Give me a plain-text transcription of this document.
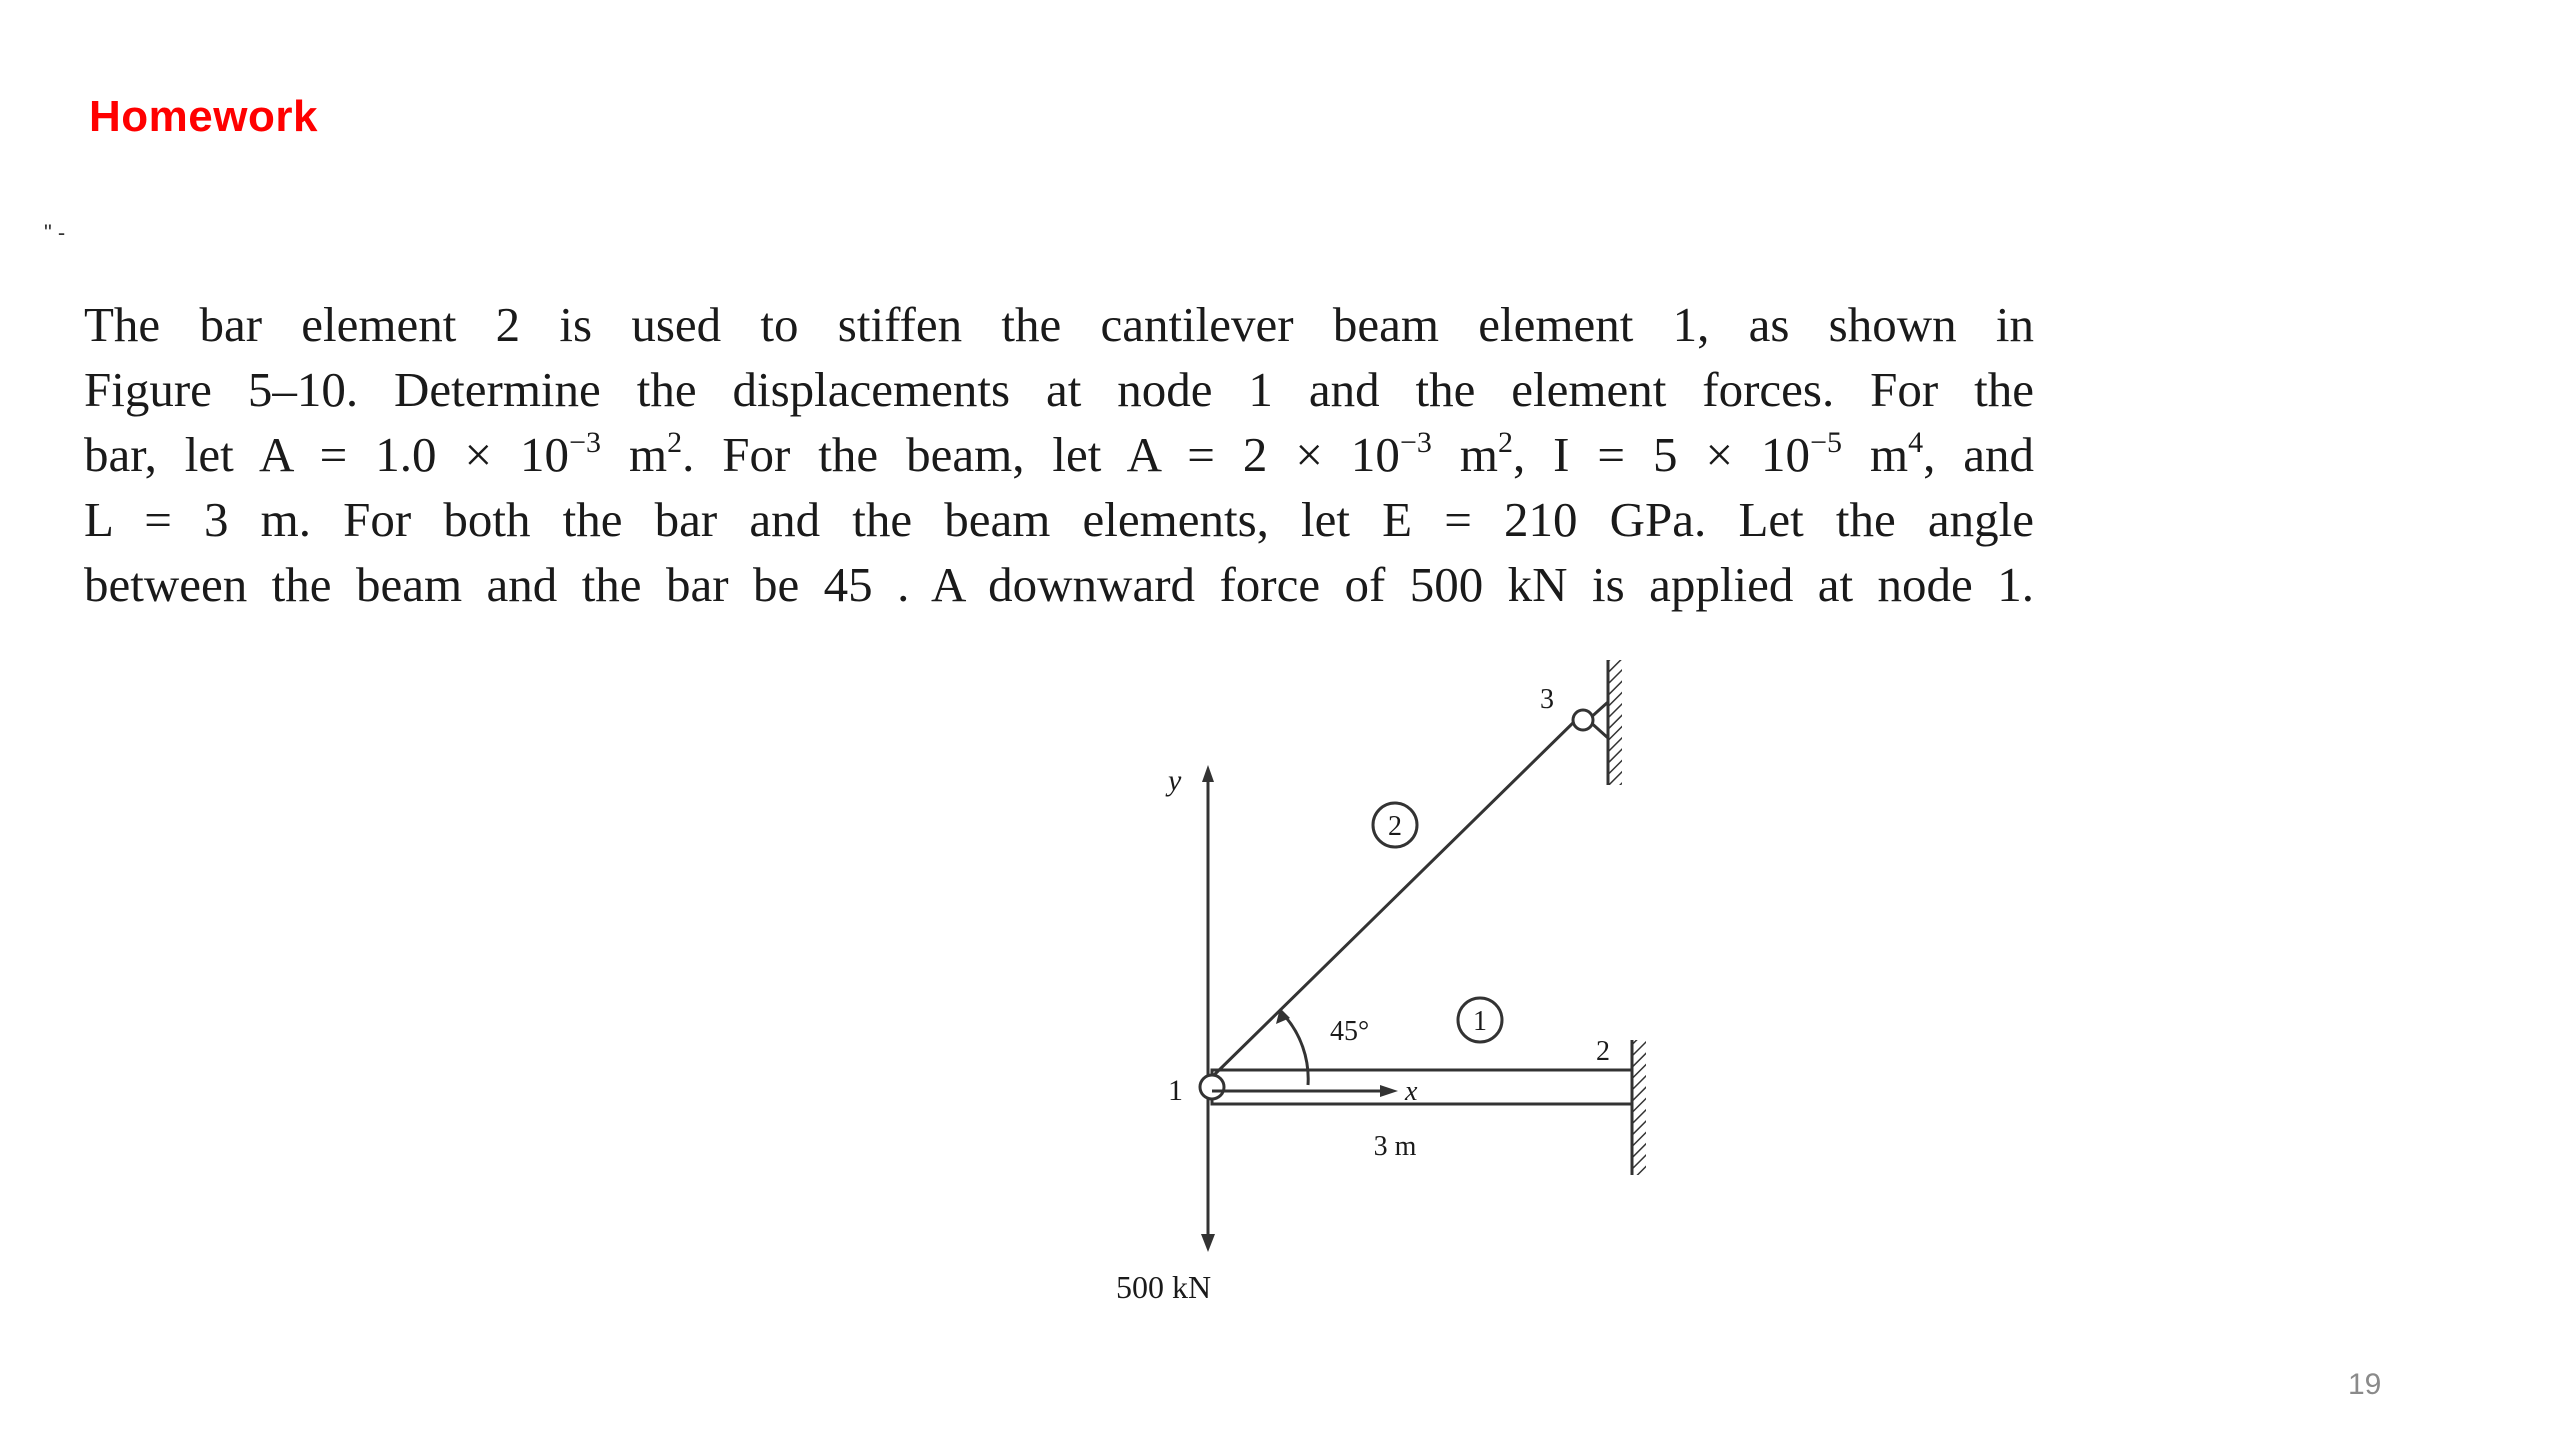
Homework
" -
The bar element 2 is used to stiffen the cantilever beam element 1, as shown in
Figure 5–10. Determine the displacements at node 1 and the element forces. For the
bar, let $A = 1.0 \times 10^{-3}$ $m^2$. For the beam, let $A = 2 \times 10^{-3}$ $m^2$, $I = 5 \times 10^{-5}$ $m^4$, and
L = 3 m. For both the bar and the beam elements, let E = 210 GPa. Let the angle
between the beam and the bar be 45 . A downward force of 500 kN is applied at node 1.
y
500 kN
1
2
3
2
1
45°
x
3 m
19
